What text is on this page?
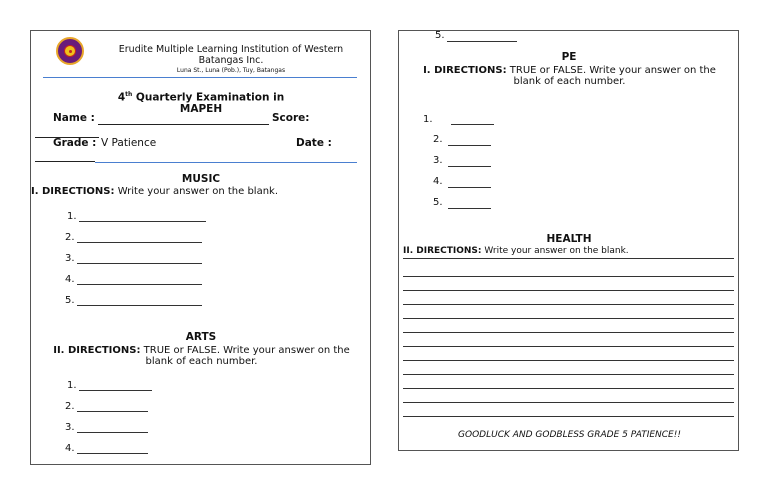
Erudite Multiple Learning Institution of Western Batangas Inc.
Luna St., Luna (Pob.), Tuy, Batangas
4th Quarterly Examination in
MAPEH
Name :	Score:
Grade : V Patience	Date :
MUSIC
I. DIRECTIONS: Write your answer on the blank.
1.
2.
3.
4.
5.
ARTS
II. DIRECTIONS: TRUE or FALSE. Write your answer on the
blank of each number.
1.
2.
3.
4.
5.
PE
I. DIRECTIONS: TRUE or FALSE. Write your answer on the
blank of each number.
1.
2.
3.
4.
5.
HEALTH
II. DIRECTIONS: Write your answer on the blank.
GOODLUCK AND GODBLESS GRADE 5 PATIENCE!!
